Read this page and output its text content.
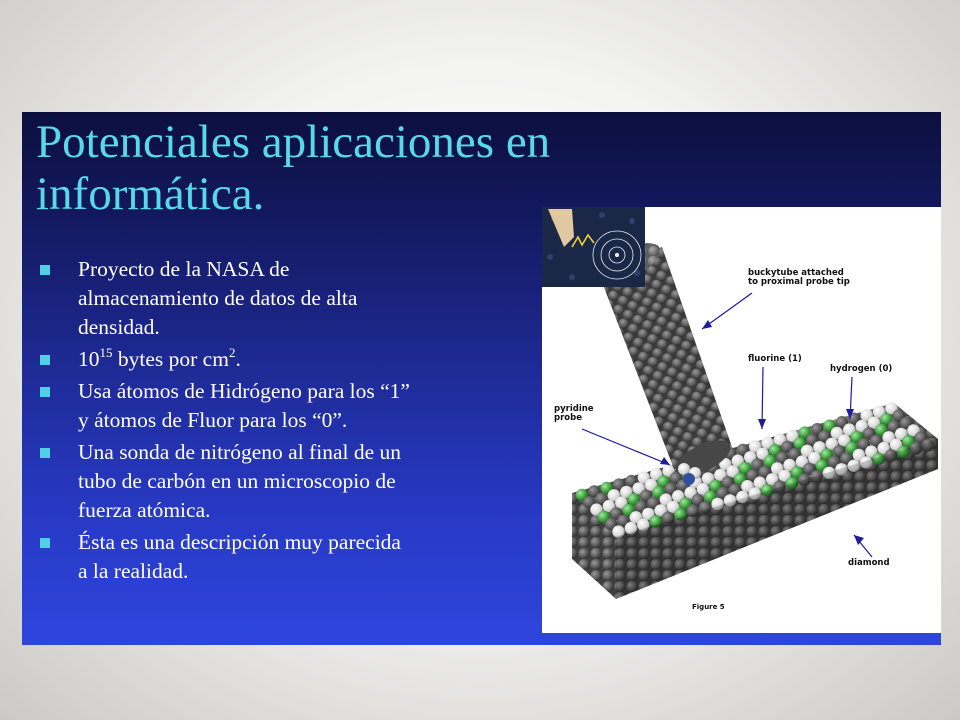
Potenciales aplicaciones en
informática.
Proyecto de la NASA de
almacenamiento de datos de alta
densidad.
$10^{15}$ bytes por $cm^2$.
Usa átomos de Hidrógeno para los “1”
y átomos de Fluor para los “0”.
Una sonda de nitrógeno al final de un
tubo de carbón en un microscopio de
fuerza atómica.
Ésta es una descripción muy parecida
a la realidad.
buckytube attached
to proximal probe tip
fluorine (1)
hydrogen (0)
pyridine
probe
diamond
Figure 5
